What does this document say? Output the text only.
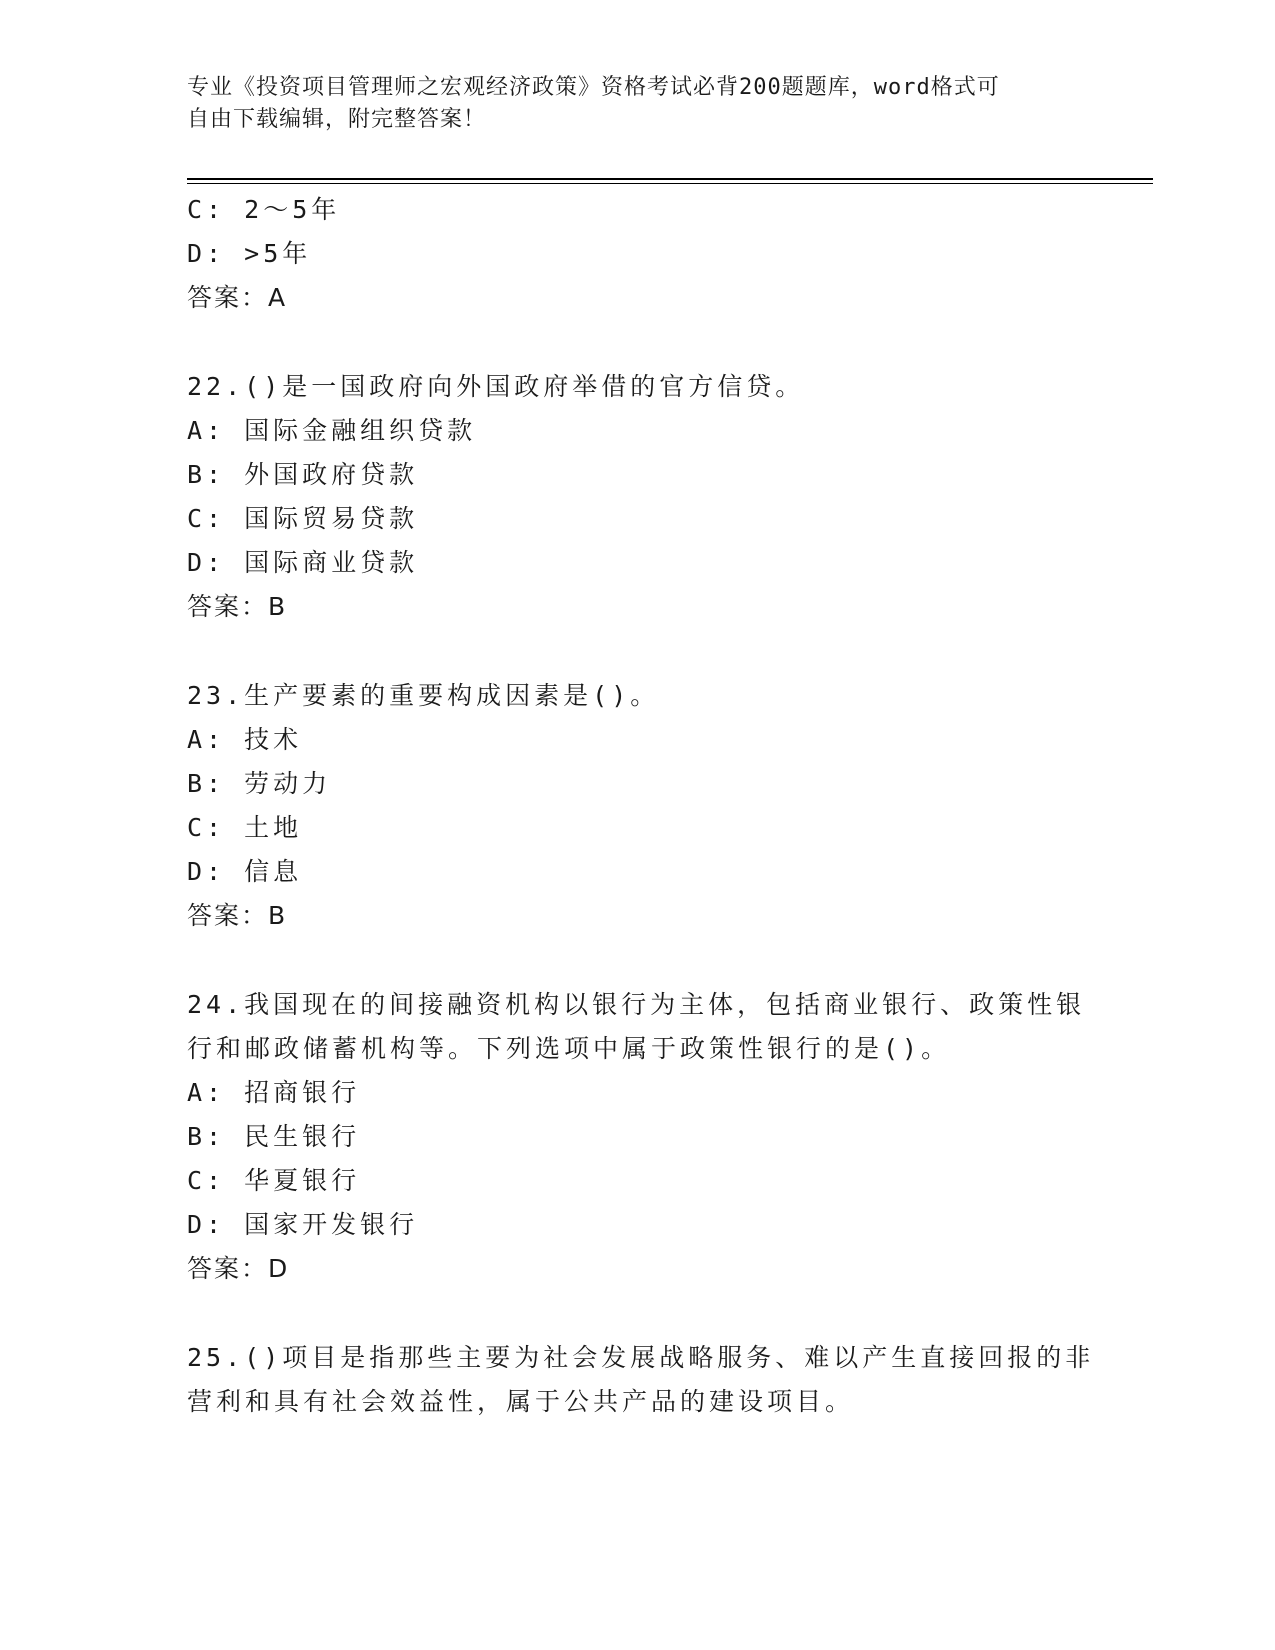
专业《投资项目管理师之宏观经济政策》资格考试必背200题题库，word格式可
自由下载编辑，附完整答案！
C: 2～5年
D: >5年
答案：A
22.()是一国政府向外国政府举借的官方信贷。
A: 国际金融组织贷款
B: 外国政府贷款
C: 国际贸易贷款
D: 国际商业贷款
答案：B
23.生产要素的重要构成因素是()。
A: 技术
B: 劳动力
C: 土地
D: 信息
答案：B
24.我国现在的间接融资机构以银行为主体，包括商业银行、政策性银
行和邮政储蓄机构等。下列选项中属于政策性银行的是()。
A: 招商银行
B: 民生银行
C: 华夏银行
D: 国家开发银行
答案：D
25.()项目是指那些主要为社会发展战略服务、难以产生直接回报的非
营利和具有社会效益性，属于公共产品的建设项目。
